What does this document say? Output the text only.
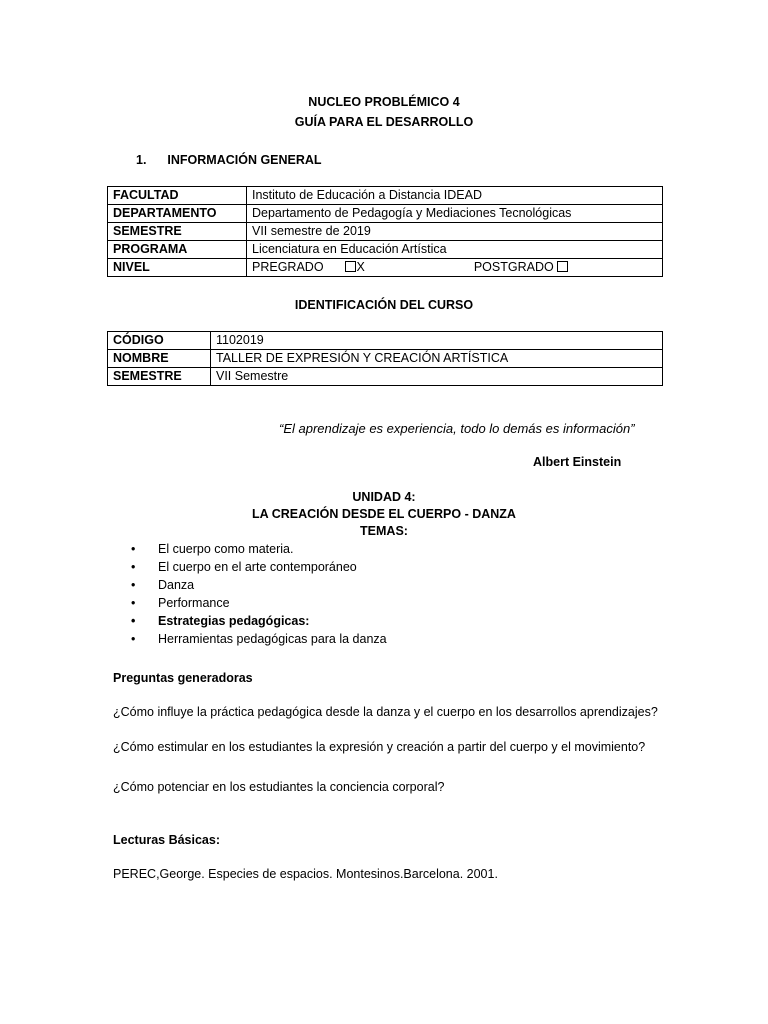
NUCLEO PROBLÉMICO 4
GUÍA PARA EL DESARROLLO
1. INFORMACIÓN GENERAL
FACULTAD	Instituto de Educación a Distancia IDEAD
DEPARTAMENTO	Departamento de Pedagogía y Mediaciones Tecnológicas
SEMESTRE	VII semestre de 2019
PROGRAMA	Licenciatura en Educación Artística
NIVEL	PREGRADO X POSTGRADO
IDENTIFICACIÓN DEL CURSO
CÓDIGO	1102019
NOMBRE	TALLER DE EXPRESIÓN Y CREACIÓN ARTÍSTICA
SEMESTRE	VII Semestre
“El aprendizaje es experiencia, todo lo demás es información”
Albert Einstein
UNIDAD 4:
LA CREACIÓN DESDE EL CUERPO - DANZA
TEMAS:
• El cuerpo como materia.
• El cuerpo en el arte contemporáneo
• Danza
• Performance
• Estrategias pedagógicas:
• Herramientas pedagógicas para la danza
Preguntas generadoras
¿Cómo influye la práctica pedagógica desde la danza y el cuerpo en los desarrollos aprendizajes?
¿Cómo estimular en los estudiantes la expresión y creación a partir del cuerpo y el movimiento?
¿Cómo potenciar en los estudiantes la conciencia corporal?
Lecturas Básicas:
PEREC,George. Especies de espacios. Montesinos.Barcelona. 2001.
